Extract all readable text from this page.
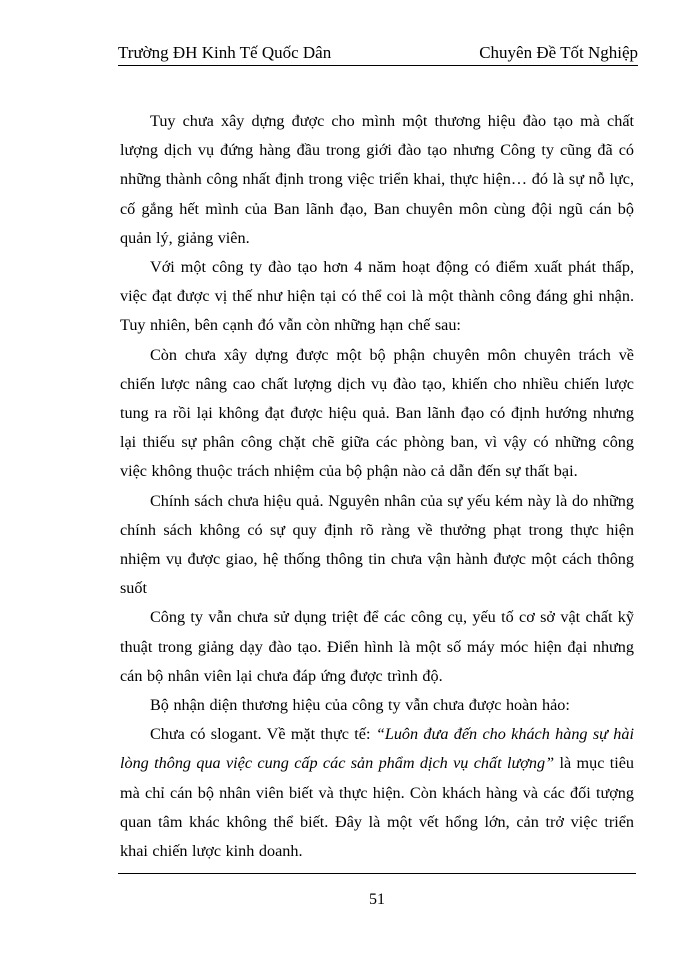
Trường ĐH Kinh Tế Quốc Dân	Chuyên Đề Tốt Nghiệp

Tuy chưa xây dựng được cho mình một thương hiệu đào tạo mà chất lượng dịch vụ đứng hàng đầu trong giới đào tạo nhưng Công ty cũng đã có những thành công nhất định trong việc triển khai, thực hiện… đó là sự nỗ lực, cố gắng hết mình của Ban lãnh đạo, Ban chuyên môn cùng đội ngũ cán bộ quản lý, giảng viên.

Với một công ty đào tạo hơn 4 năm hoạt động có điểm xuất phát thấp, việc đạt được vị thế như hiện tại có thể coi là một thành công đáng ghi nhận. Tuy nhiên, bên cạnh đó vẫn còn những hạn chế sau:

Còn chưa xây dựng được một bộ phận chuyên môn chuyên trách về chiến lược nâng cao chất lượng dịch vụ đào tạo, khiến cho nhiều chiến lược tung ra rồi lại không đạt được hiệu quả. Ban lãnh đạo có định hướng nhưng lại thiếu sự phân công chặt chẽ giữa các phòng ban, vì vậy có những công việc không thuộc trách nhiệm của bộ phận nào cả dẫn đến sự thất bại.

Chính sách chưa hiệu quả. Nguyên nhân của sự yếu kém này là do những chính sách không có sự quy định rõ ràng về thưởng phạt trong thực hiện nhiệm vụ được giao, hệ thống thông tin chưa vận hành được một cách thông suốt

Công ty vẫn chưa sử dụng triệt để các công cụ, yếu tố cơ sở vật chất kỹ thuật trong giảng dạy đào tạo. Điển hình là một số máy móc hiện đại nhưng cán bộ nhân viên lại chưa đáp ứng được trình độ.

Bộ nhận diện thương hiệu của công ty vẫn chưa được hoàn hảo:

Chưa có slogant. Về mặt thực tế: “Luôn đưa đến cho khách hàng sự hài lòng thông qua việc cung cấp các sản phẩm dịch vụ chất lượng” là mục tiêu mà chỉ cán bộ nhân viên biết và thực hiện. Còn khách hàng và các đối tượng quan tâm khác không thể biết. Đây là một vết hổng lớn, cản trở việc triển khai chiến lược kinh doanh.

51
